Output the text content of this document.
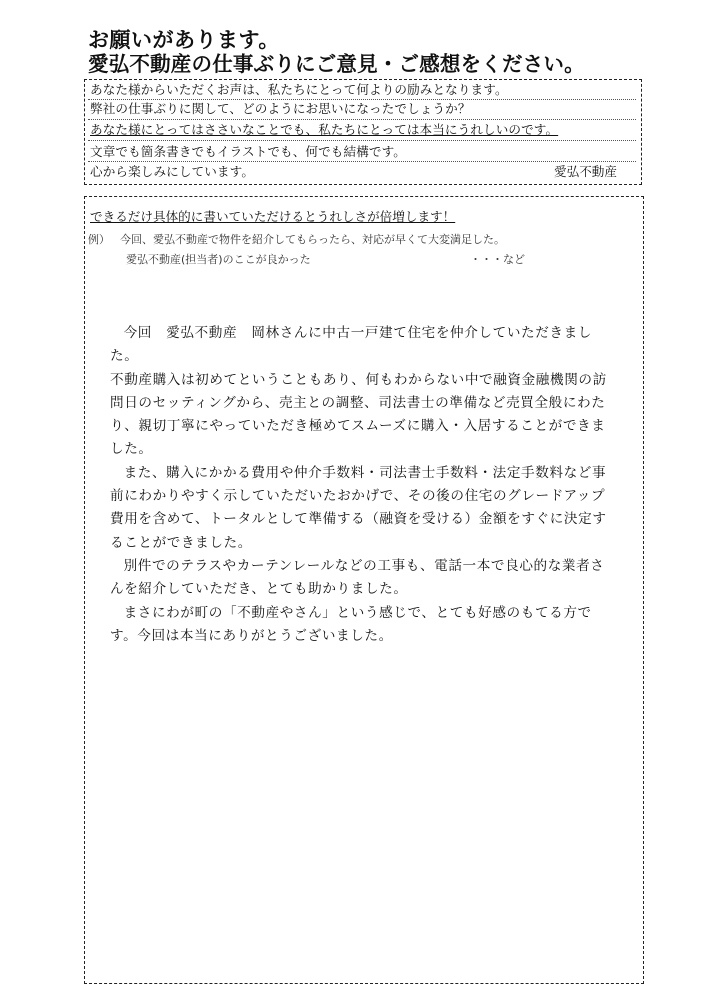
お願いがあります。
愛弘不動産の仕事ぶりにご意見・ご感想をください。
あなた様からいただくお声は、私たちにとって何よりの励みとなります。
弊社の仕事ぶりに関して、どのようにお思いになったでしょうか？
あなた様にとってはささいなことでも、私たちにとっては本当にうれしいのです。
文章でも箇条書きでもイラストでも、何でも結構です。
心から楽しみにしています。	愛弘不動産
できるだけ具体的に書いていただけるとうれしさが倍増します！
例） 今回、愛弘不動産で物件を紹介してもらったら、対応が早くて大変満足した。
愛弘不動産(担当者)のここが良かった	・・・など

今回　愛弘不動産　岡林さんに中古一戸建て住宅を仲介していただきました。

不動産購入は初めてということもあり、何もわからない中で融資金融機関の訪問日のセッティングから、売主との調整、司法書士の準備など売買全般にわたり、親切丁寧にやっていただき極めてスムーズに購入・入居することができました。

また、購入にかかる費用や仲介手数料・司法書士手数料・法定手数料など事前にわかりやすく示していただいたおかげで、その後の住宅のグレードアップ費用を含めて、トータルとして準備する（融資を受ける）金額をすぐに決定することができました。

別件でのテラスやカーテンレールなどの工事も、電話一本で良心的な業者さんを紹介していただき、とても助かりました。

まさにわが町の「不動産やさん」という感じで、とても好感のもてる方です。今回は本当にありがとうございました。
